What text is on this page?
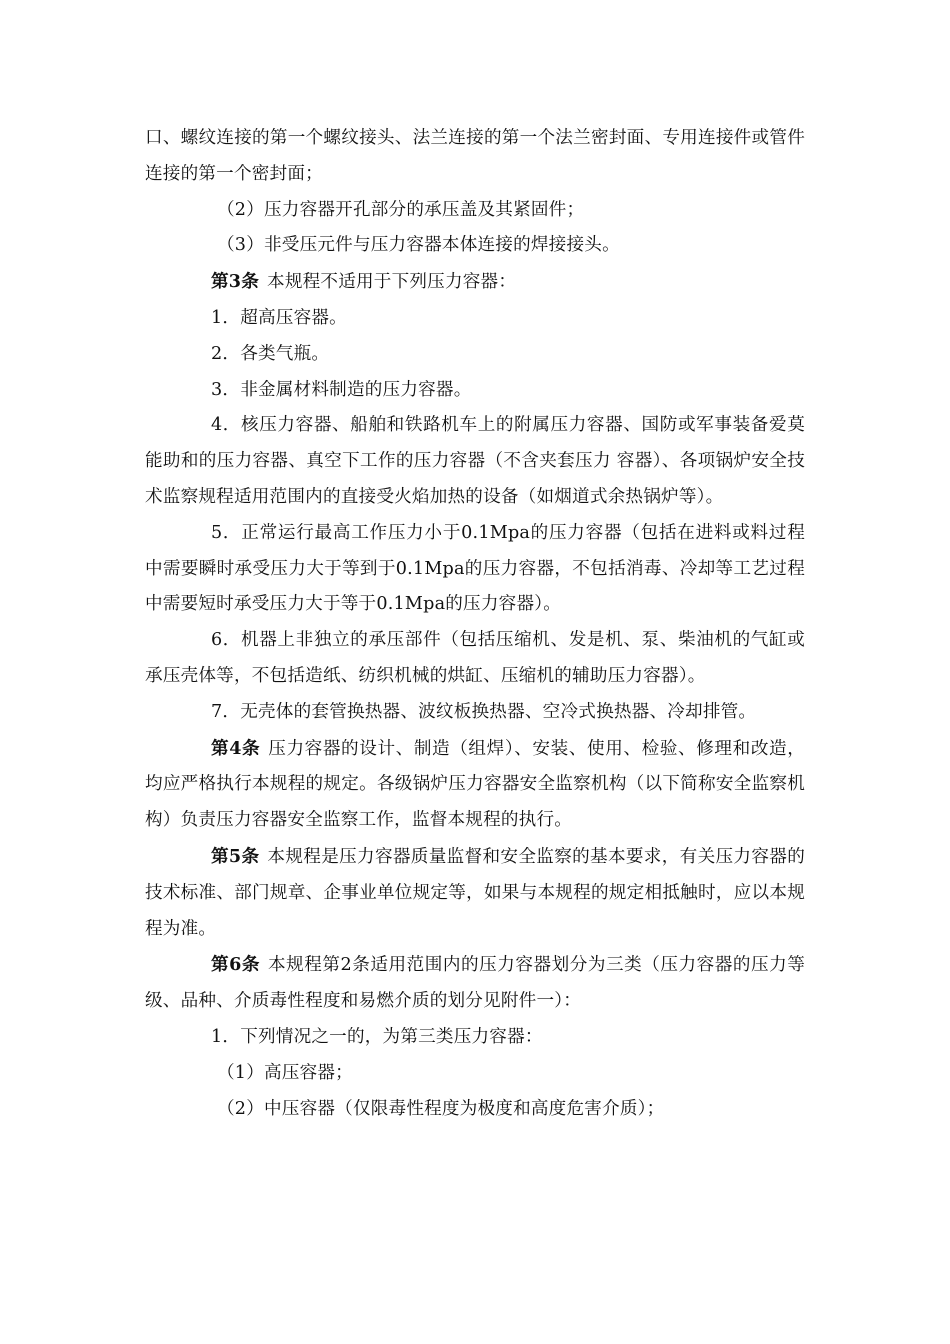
口、螺纹连接的第一个螺纹接头、法兰连接的第一个法兰密封面、专用连接件或管件连接的第一个密封面；

（2）压力容器开孔部分的承压盖及其紧固件；

（3）非受压元件与压力容器本体连接的焊接接头。

第3条 本规程不适用于下列压力容器：

1．超高压容器。

2．各类气瓶。

3．非金属材料制造的压力容器。

4．核压力容器、船舶和铁路机车上的附属压力容器、国防或军事装备爱莫能助和的压力容器、真空下工作的压力容器（不含夹套压力 容器）、各项锅炉安全技术监察规程适用范围内的直接受火焰加热的设备（如烟道式余热锅炉等）。

5．正常运行最高工作压力小于0.1Mpa的压力容器（包括在进料或料过程中需要瞬时承受压力大于等到于0.1Mpa的压力容器，不包括消毒、冷却等工艺过程中需要短时承受压力大于等于0.1Mpa的压力容器）。

6．机器上非独立的承压部件（包括压缩机、发是机、泵、柴油机的气缸或承压壳体等，不包括造纸、纺织机械的烘缸、压缩机的辅助压力容器）。

7．无壳体的套管换热器、波纹板换热器、空冷式换热器、冷却排管。

第4条 压力容器的设计、制造（组焊）、安装、使用、检验、修理和改造，均应严格执行本规程的规定。各级锅炉压力容器安全监察机构（以下简称安全监察机构）负责压力容器安全监察工作，监督本规程的执行。

第5条 本规程是压力容器质量监督和安全监察的基本要求，有关压力容器的技术标准、部门规章、企事业单位规定等，如果与本规程的规定相抵触时，应以本规程为准。

第6条 本规程第2条适用范围内的压力容器划分为三类（压力容器的压力等级、品种、介质毒性程度和易燃介质的划分见附件一）：

1．下列情况之一的，为第三类压力容器：

（1）高压容器；

（2）中压容器（仅限毒性程度为极度和高度危害介质）；
